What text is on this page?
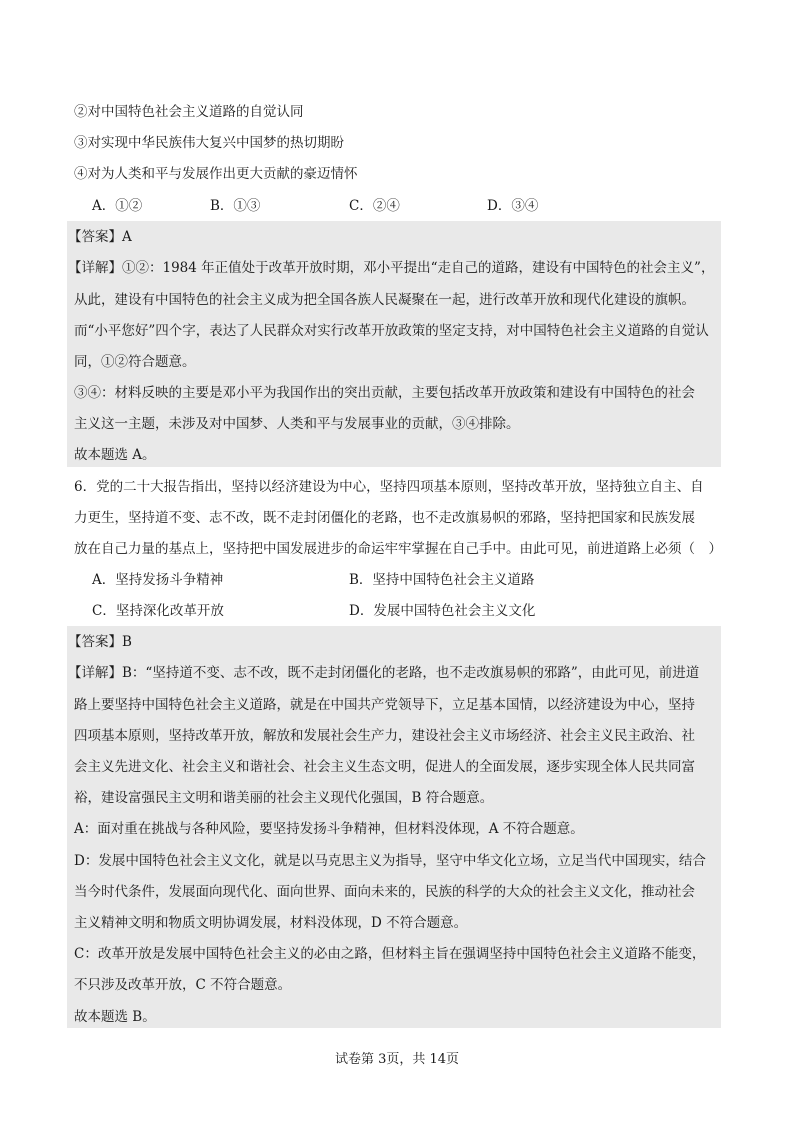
②对中国特色社会主义道路的自觉认同
③对实现中华民族伟大复兴中国梦的热切期盼
④对为人类和平与发展作出更大贡献的豪迈情怀
A．①②	B．①③	C．②④	D．③④
【答案】A
【详解】①②：1984 年正值处于改革开放时期，邓小平提出“走自己的道路，建设有中国特色的社会主义”，
从此，建设有中国特色的社会主义成为把全国各族人民凝聚在一起，进行改革开放和现代化建设的旗帜。
而“小平您好”四个字，表达了人民群众对实行改革开放政策的坚定支持，对中国特色社会主义道路的自觉认
同，①②符合题意。
③④：材料反映的主要是邓小平为我国作出的突出贡献，主要包括改革开放政策和建设有中国特色的社会
主义这一主题，未涉及对中国梦、人类和平与发展事业的贡献，③④排除。
故本题选 A。
6．党的二十大报告指出，坚持以经济建设为中心，坚持四项基本原则，坚持改革开放，坚持独立自主、自
力更生，坚持道不变、志不改，既不走封闭僵化的老路，也不走改旗易帜的邪路，坚持把国家和民族发展
放在自己力量的基点上，坚持把中国发展进步的命运牢牢掌握在自己手中。由此可见，前进道路上必须（　）
A．坚持发扬斗争精神	B．坚持中国特色社会主义道路
C．坚持深化改革开放	D．发展中国特色社会主义文化
【答案】B
【详解】B：“坚持道不变、志不改，既不走封闭僵化的老路，也不走改旗易帜的邪路”，由此可见，前进道
路上要坚持中国特色社会主义道路，就是在中国共产党领导下，立足基本国情，以经济建设为中心，坚持
四项基本原则，坚持改革开放，解放和发展社会生产力，建设社会主义市场经济、社会主义民主政治、社
会主义先进文化、社会主义和谐社会、社会主义生态文明，促进人的全面发展，逐步实现全体人民共同富
裕，建设富强民主文明和谐美丽的社会主义现代化强国，B 符合题意。
A：面对重在挑战与各种风险，要坚持发扬斗争精神，但材料没体现，A 不符合题意。
D：发展中国特色社会主义文化，就是以马克思主义为指导，坚守中华文化立场，立足当代中国现实，结合
当今时代条件，发展面向现代化、面向世界、面向未来的，民族的科学的大众的社会主义文化，推动社会
主义精神文明和物质文明协调发展，材料没体现，D 不符合题意。
C：改革开放是发展中国特色社会主义的必由之路，但材料主旨在强调坚持中国特色社会主义道路不能变，
不只涉及改革开放，C 不符合题意。
故本题选 B。
试卷第 3页，共 14页
